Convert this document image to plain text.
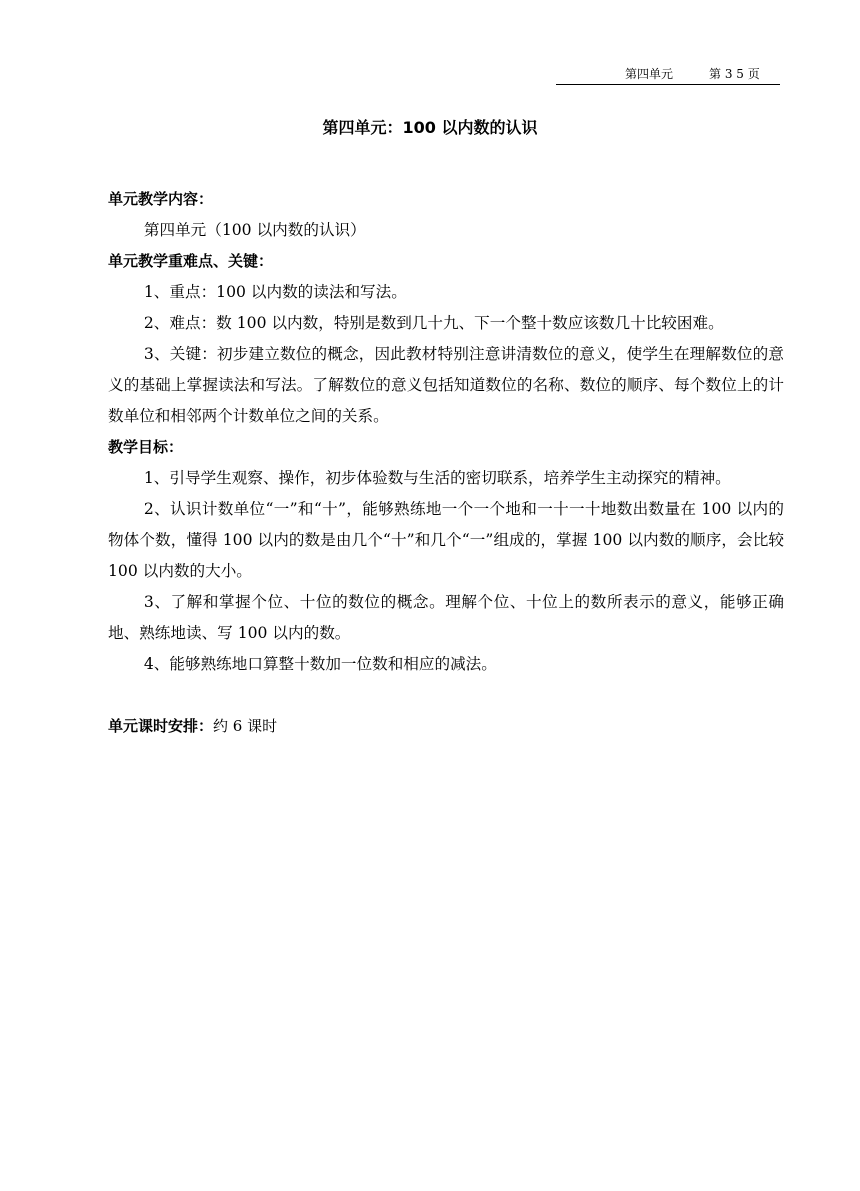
第四单元	第 3 5 页
第四单元：100 以内数的认识

单元教学内容：

第四单元（100 以内数的认识）

单元教学重难点、关键：

1、重点：100 以内数的读法和写法。

2、难点：数 100 以内数，特别是数到几十九、下一个整十数应该数几十比较困难。

3、关键：初步建立数位的概念，因此教材特别注意讲清数位的意义，使学生在理解数位的意义的基础上掌握读法和写法。了解数位的意义包括知道数位的名称、数位的顺序、每个数位上的计数单位和相邻两个计数单位之间的关系。

教学目标：

1、引导学生观察、操作，初步体验数与生活的密切联系，培养学生主动探究的精神。

2、认识计数单位“一”和“十”，能够熟练地一个一个地和一十一十地数出数量在 100 以内的物体个数，懂得 100 以内的数是由几个“十”和几个“一”组成的，掌握 100 以内数的顺序，会比较 100 以内数的大小。

3、了解和掌握个位、十位的数位的概念。理解个位、十位上的数所表示的意义，能够正确地、熟练地读、写 100 以内的数。

4、能够熟练地口算整十数加一位数和相应的减法。

单元课时安排：约 6 课时
